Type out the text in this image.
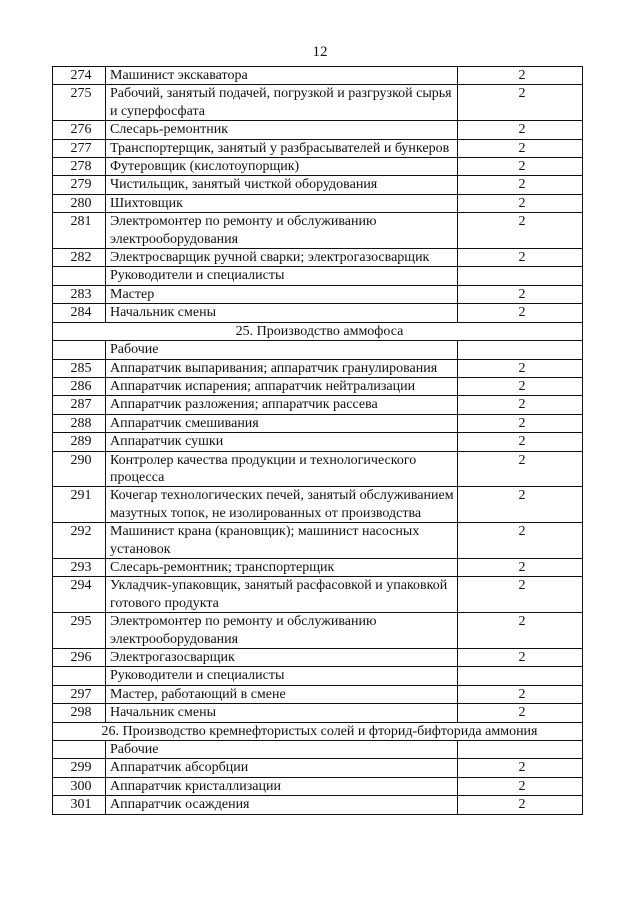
12
274	Машинист экскаватора	2
275	Рабочий, занятый подачей, погрузкой и разгрузкой сырья и суперфосфата	2
276	Слесарь-ремонтник	2
277	Транспортерщик, занятый у разбрасывателей и бункеров	2
278	Футеровщик (кислотоупорщик)	2
279	Чистильщик, занятый чисткой оборудования	2
280	Шихтовщик	2
281	Электромонтер по ремонту и обслуживанию электрооборудования	2
282	Электросварщик ручной сварки; электрогазосварщик	2
	Руководители и специалисты	
283	Мастер	2
284	Начальник смены	2
25. Производство аммофоса		
	Рабочие	
285	Аппаратчик выпаривания; аппаратчик гранулирования	2
286	Аппаратчик испарения; аппаратчик нейтрализации	2
287	Аппаратчик разложения; аппаратчик рассева	2
288	Аппаратчик смешивания	2
289	Аппаратчик сушки	2
290	Контролер качества продукции и технологического процесса	2
291	Кочегар технологических печей, занятый обслуживанием мазутных топок, не изолированных от производства	2
292	Машинист крана (крановщик); машинист насосных установок	2
293	Слесарь-ремонтник; транспортерщик	2
294	Укладчик-упаковщик, занятый расфасовкой и упаковкой готового продукта	2
295	Электромонтер по ремонту и обслуживанию электрооборудования	2
296	Электрогазосварщик	2
	Руководители и специалисты	
297	Мастер, работающий в смене	2
298	Начальник смены	2
26. Производство кремнефтористых солей и фторид-бифторида аммония		
	Рабочие	
299	Аппаратчик абсорбции	2
300	Аппаратчик кристаллизации	2
301	Аппаратчик осаждения	2
